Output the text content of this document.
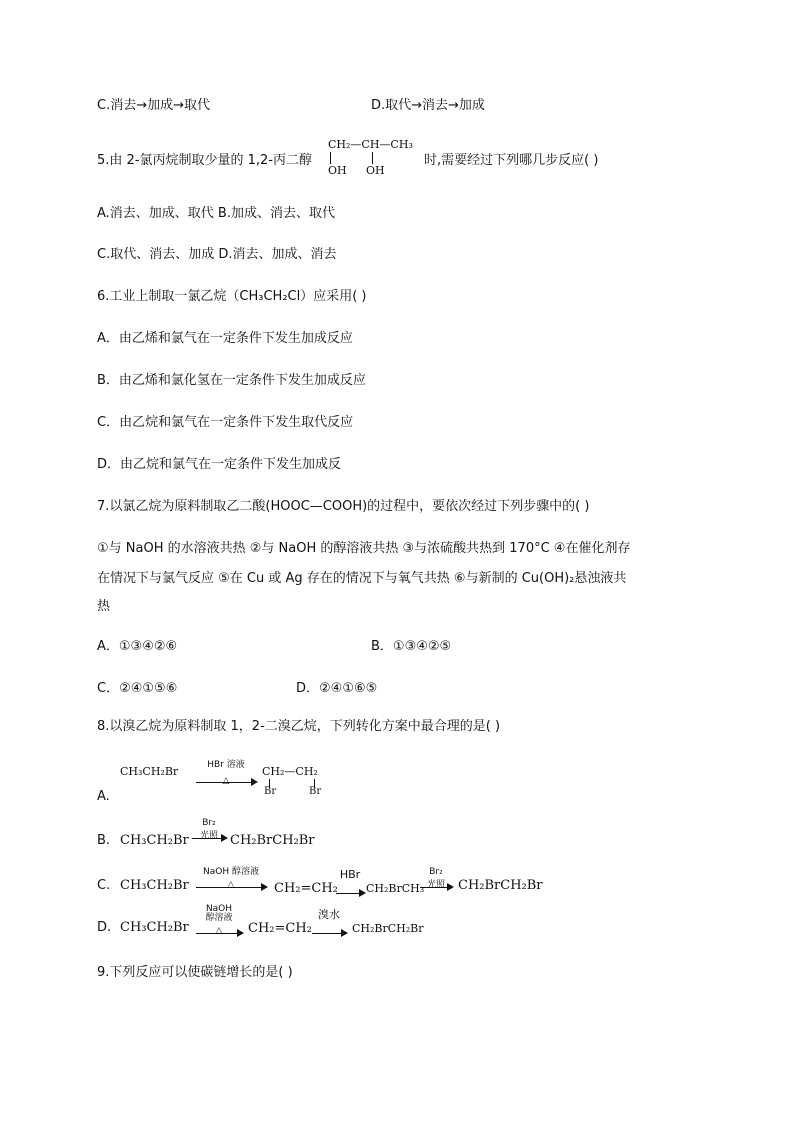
C.消去→加成→取代	D.取代→消去→加成
5.由 2-氯丙烷制取少量的 1,2-丙二醇
CH₂—CH—CH₃
OH OH
时,需要经过下列哪几步反应( )
A.消去、加成、取代 B.加成、消去、取代
C.取代、消去、加成 D.消去、加成、消去
6.工业上制取一氯乙烷（CH₃CH₂Cl）应采用( )
A．由乙烯和氯气在一定条件下发生加成反应
B．由乙烯和氯化氢在一定条件下发生加成反应
C．由乙烷和氯气在一定条件下发生取代反应
D．由乙烷和氯气在一定条件下发生加成反
7.以氯乙烷为原料制取乙二酸(HOOC—COOH)的过程中，要依次经过下列步骤中的( )
①与 NaOH 的水溶液共热 ②与 NaOH 的醇溶液共热 ③与浓硫酸共热到 170°C ④在催化剂存
在情况下与氯气反应 ⑤在 Cu 或 Ag 存在的情况下与氧气共热 ⑥与新制的 Cu(OH)₂悬浊液共
热
A．①③④②⑥	B．①③④②⑤
C．②④①⑤⑥	D．②④①⑥⑤
8.以溴乙烷为原料制取 1，2-二溴乙烷，下列转化方案中最合理的是( )
CH₃CH₂Br	HBr 溶液
△
CH₂—CH₂
Br	Br
A.
B. CH₃CH₂Br
Br₂
光照 CH₂BrCH₂Br
C. CH₃CH₂Br
NaOH 醇溶液
△	CH₂=CH₂
HBr
CH₂BrCH₃
Br₂
光照	CH₂BrCH₂Br
D. CH₃CH₂Br
NaOH
醇溶液
△	CH₂=CH₂
溴水
CH₂BrCH₂Br
9.下列反应可以使碳链增长的是( )
